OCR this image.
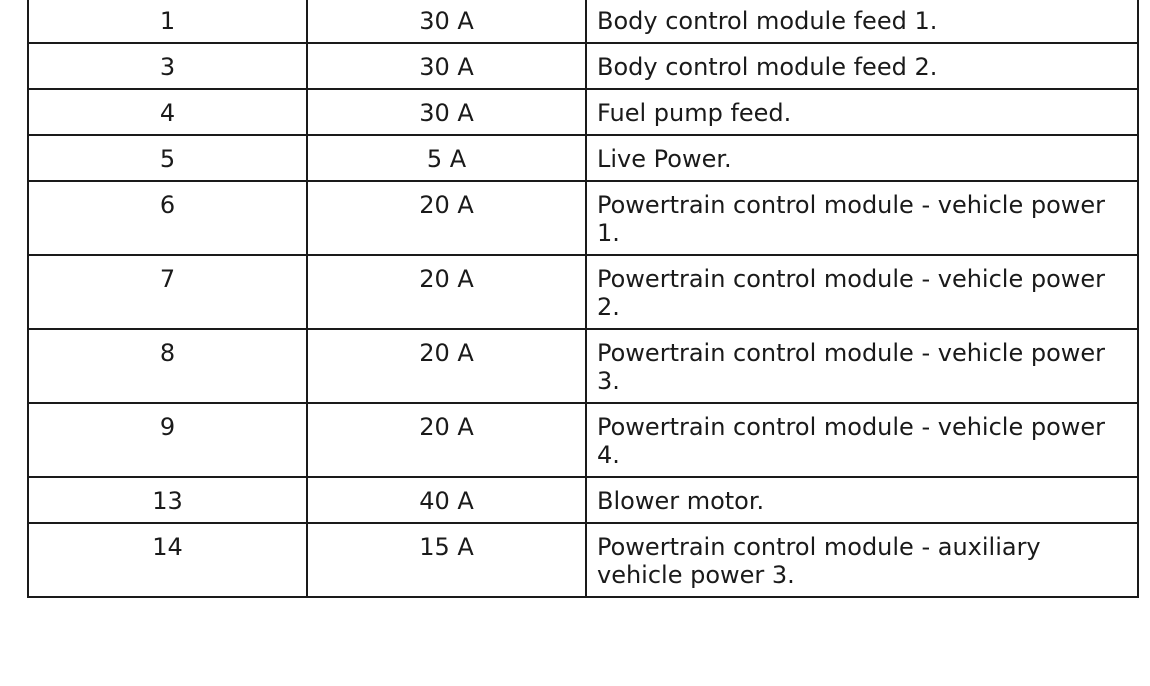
1	30 A	Body control module feed 1.
3	30 A	Body control module feed 2.
4	30 A	Fuel pump feed.
5	5 A	Live Power.
6	20 A	Powertrain control module - vehicle power 1.
7	20 A	Powertrain control module - vehicle power 2.
8	20 A	Powertrain control module - vehicle power 3.
9	20 A	Powertrain control module - vehicle power 4.
13	40 A	Blower motor.
14	15 A	Powertrain control module - auxiliary vehicle power 3.
